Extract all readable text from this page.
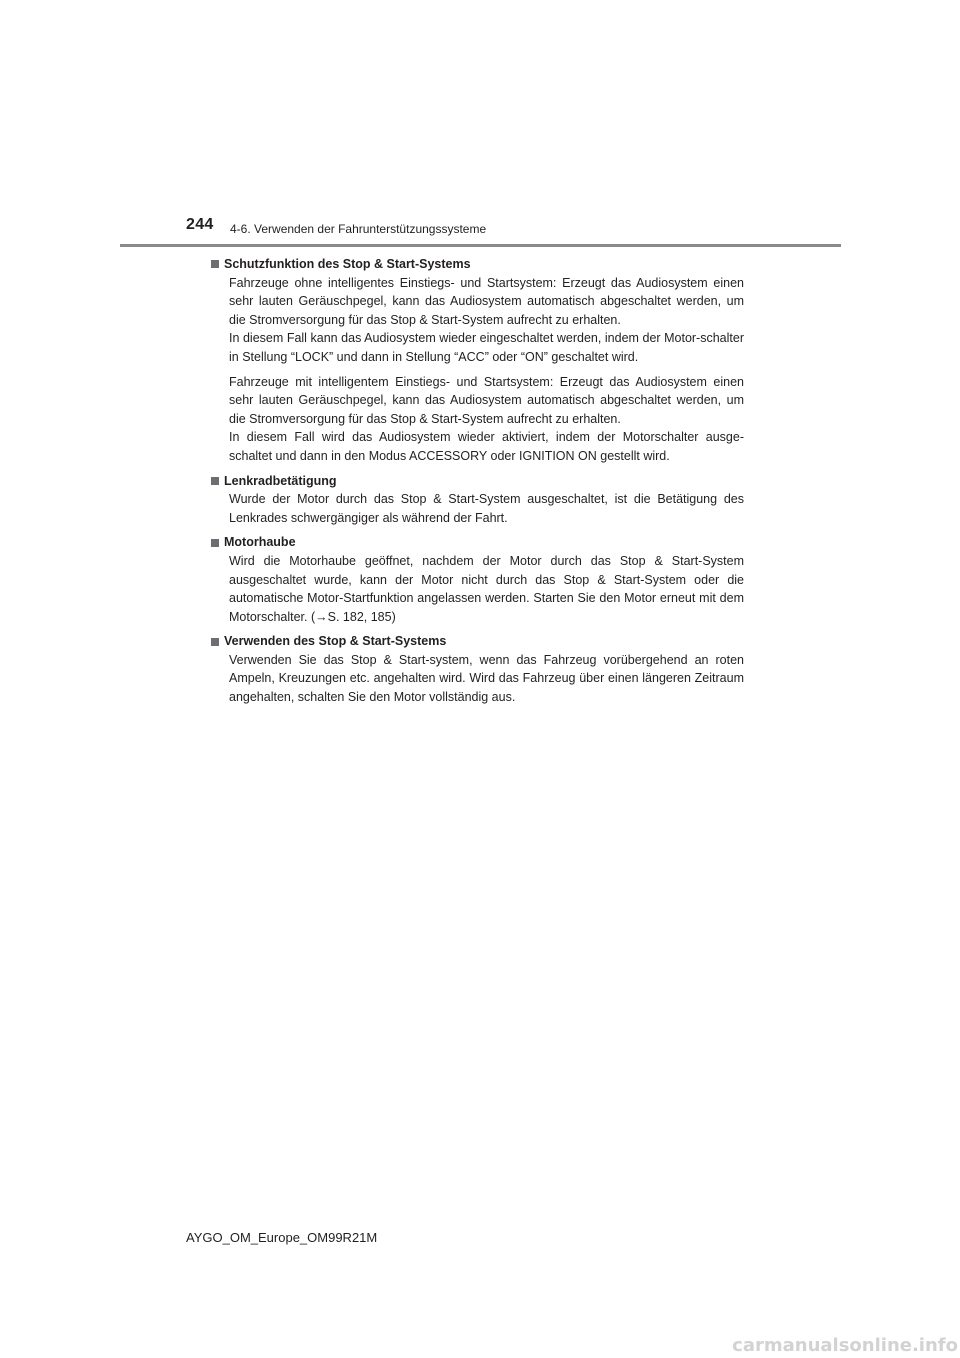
244 4-6. Verwenden der Fahrunterstützungssysteme
Schutzfunktion des Stop & Start-Systems

Fahrzeuge ohne intelligentes Einstiegs- und Startsystem: Erzeugt das Audiosystem einen sehr lauten Geräuschpegel, kann das Audiosystem automatisch abgeschaltet werden, um die Stromversorgung für das Stop & Start-System aufrecht zu erhalten.

In diesem Fall kann das Audiosystem wieder eingeschaltet werden, indem der Motor-schalter in Stellung “LOCK” und dann in Stellung “ACC” oder “ON” geschaltet wird.

Fahrzeuge mit intelligentem Einstiegs- und Startsystem: Erzeugt das Audiosystem einen sehr lauten Geräuschpegel, kann das Audiosystem automatisch abgeschaltet werden, um die Stromversorgung für das Stop & Start-System aufrecht zu erhalten.

In diesem Fall wird das Audiosystem wieder aktiviert, indem der Motorschalter ausge-schaltet und dann in den Modus ACCESSORY oder IGNITION ON gestellt wird.

Lenkradbetätigung

Wurde der Motor durch das Stop & Start-System ausgeschaltet, ist die Betätigung des Lenkrades schwergängiger als während der Fahrt.

Motorhaube

Wird die Motorhaube geöffnet, nachdem der Motor durch das Stop & Start-System ausgeschaltet wurde, kann der Motor nicht durch das Stop & Start-System oder die automatische Motor-Startfunktion angelassen werden. Starten Sie den Motor erneut mit dem Motorschalter. (→S. 182, 185)

Verwenden des Stop & Start-Systems

Verwenden Sie das Stop & Start-system, wenn das Fahrzeug vorübergehend an roten Ampeln, Kreuzungen etc. angehalten wird. Wird das Fahrzeug über einen längeren Zeitraum angehalten, schalten Sie den Motor vollständig aus.

AYGO_OM_Europe_OM99R21M
carmanualsonline.info
